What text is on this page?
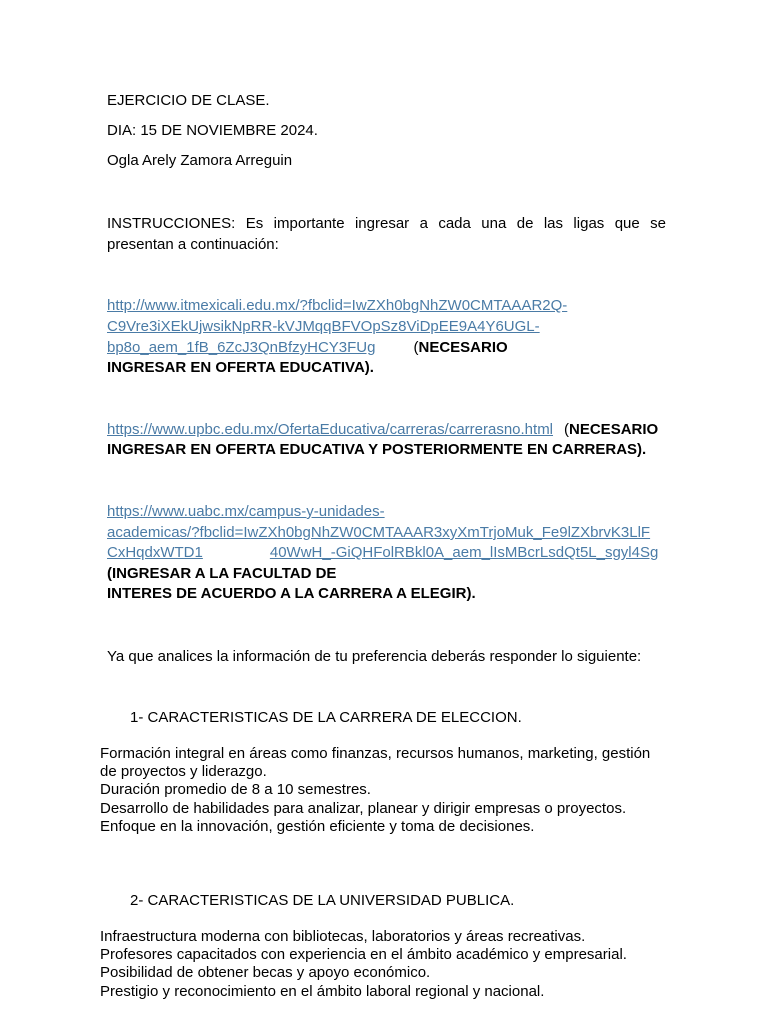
EJERCICIO DE CLASE.
DIA: 15 DE NOVIEMBRE 2024.
Ogla Arely Zamora Arreguin
INSTRUCCIONES: Es importante ingresar a cada una de las ligas que se presentan a continuación:
http://www.itmexicali.edu.mx/?fbclid=IwZXh0bgNhZW0CMTAAAR2Q-
C9Vre3iXEkUjwsikNpRR-kVJMqqBFVOpSz8ViDpEE9A4Y6UGL-
bp8o_aem_1fB_6ZcJ3QnBfzyHCY3FUg	(NECESARIO
INGRESAR EN OFERTA EDUCATIVA).
https://www.upbc.edu.mx/OfertaEducativa/carreras/carrerasno.html (NECESARIO
INGRESAR EN OFERTA EDUCATIVA Y POSTERIORMENTE EN CARRERAS).
https://www.uabc.mx/campus-y-unidades-
academicas/?fbclid=IwZXh0bgNhZW0CMTAAAR3xyXmTrjoMuk_Fe9lZXbrvK3LlF
CxHqdxWTD1	40WwH_-GiQHFolRBkl0A_aem_lIsMBcrLsdQt5L_sgyl4Sg
(INGRESAR A LA FACULTAD DE
INTERES DE ACUERDO A LA CARRERA A ELEGIR).
Ya que analices la información de tu preferencia deberás responder lo siguiente:
1- CARACTERISTICAS DE LA CARRERA DE ELECCION.
Formación integral en áreas como finanzas, recursos humanos, marketing, gestión
de proyectos y liderazgo.
Duración promedio de 8 a 10 semestres.
Desarrollo de habilidades para analizar, planear y dirigir empresas o proyectos.
Enfoque en la innovación, gestión eficiente y toma de decisiones.
2- CARACTERISTICAS DE LA UNIVERSIDAD PUBLICA.
Infraestructura moderna con bibliotecas, laboratorios y áreas recreativas.
Profesores capacitados con experiencia en el ámbito académico y empresarial.
Posibilidad de obtener becas y apoyo económico.
Prestigio y reconocimiento en el ámbito laboral regional y nacional.
